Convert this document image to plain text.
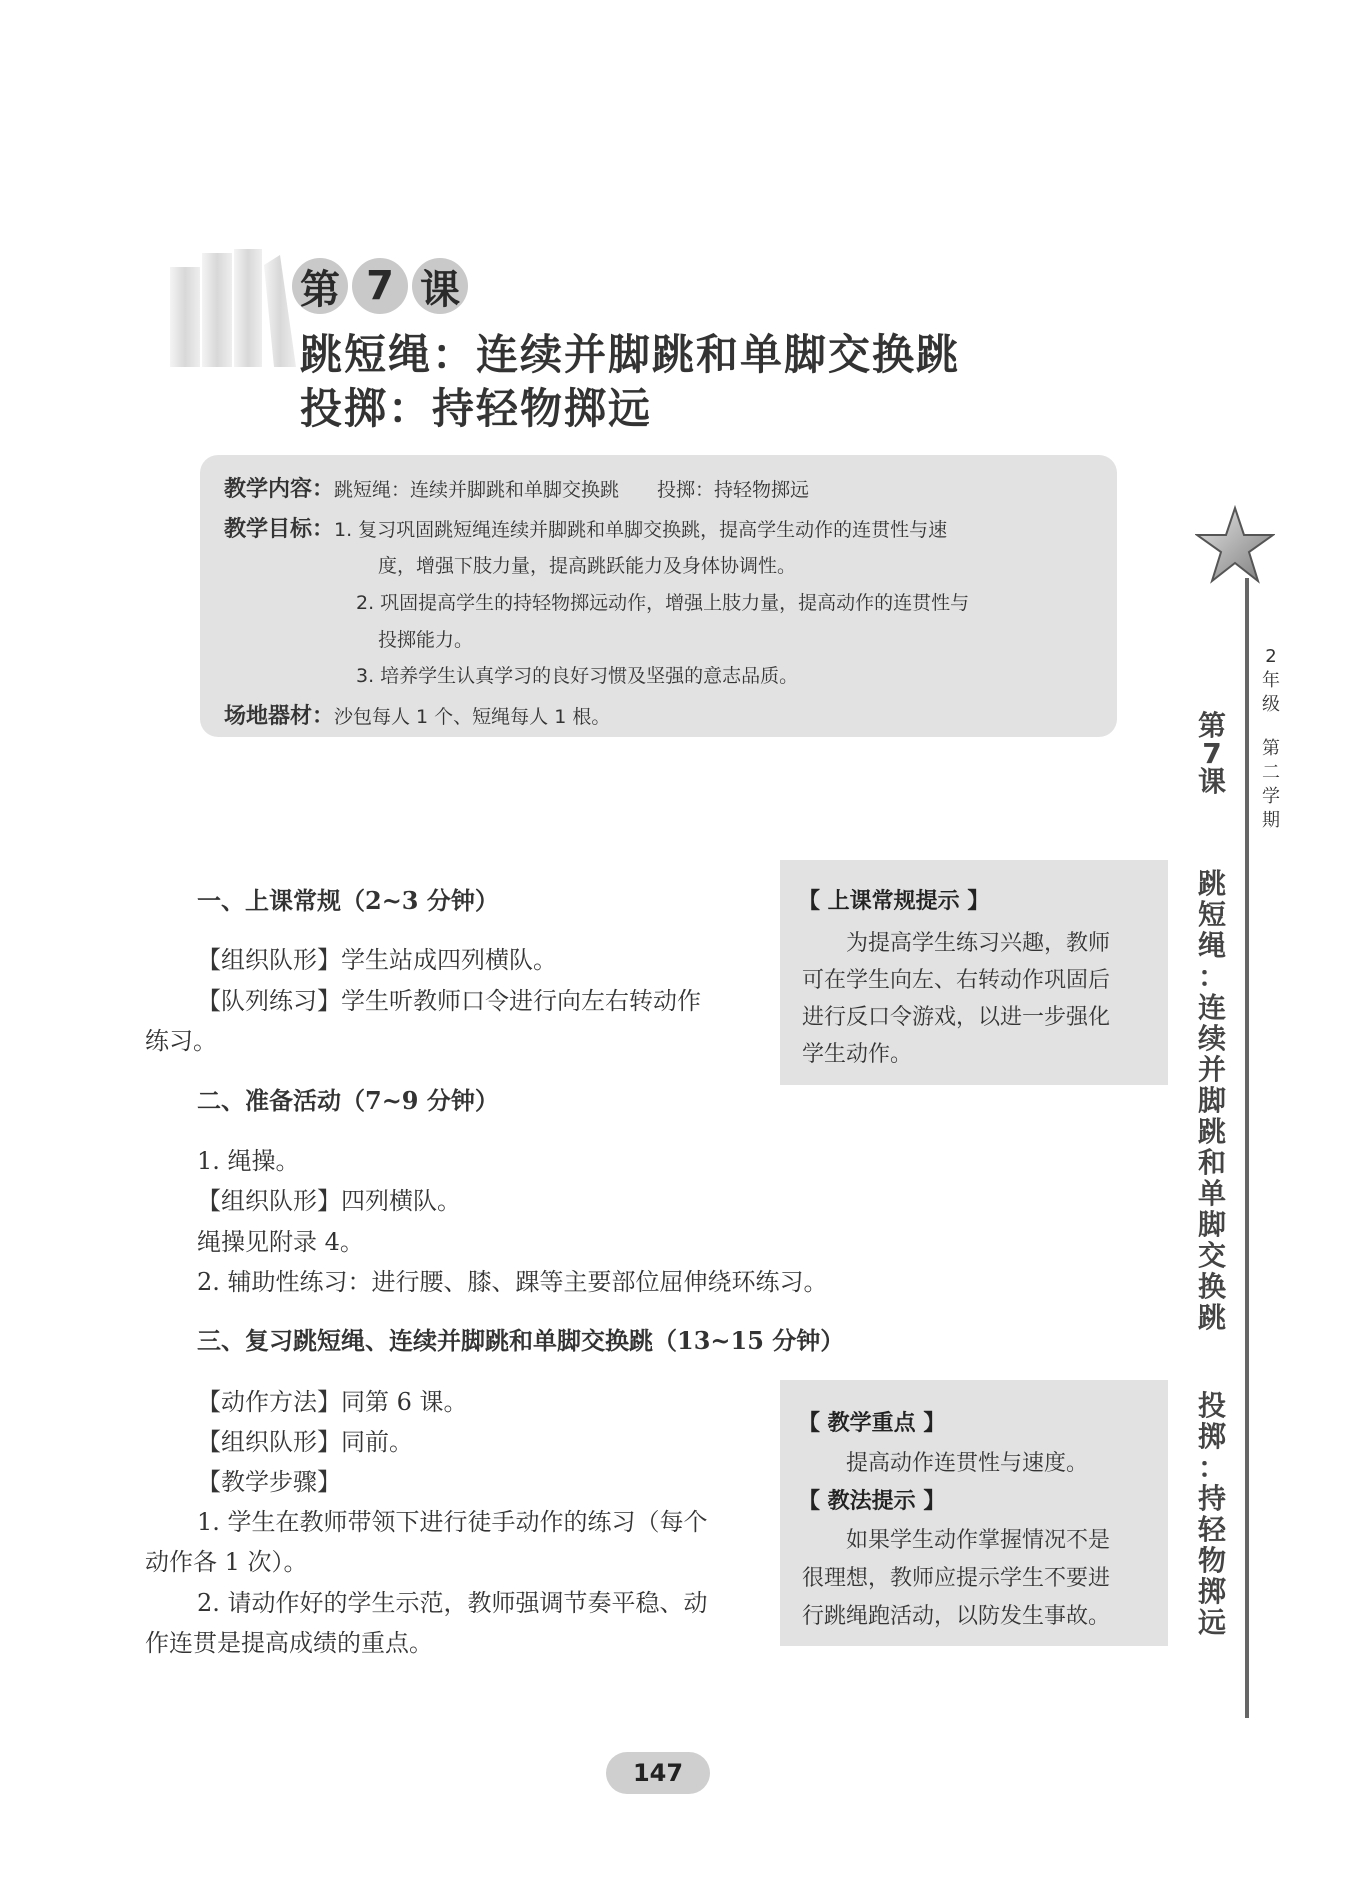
第 7 课
跳短绳：连续并脚跳和单脚交换跳
投掷：持轻物掷远
教学内容：跳短绳：连续并脚跳和单脚交换跳　　投掷：持轻物掷远
教学目标：1. 复习巩固跳短绳连续并脚跳和单脚交换跳，提高学生动作的连贯性与速
度，增强下肢力量，提高跳跃能力及身体协调性。
2. 巩固提高学生的持轻物掷远动作，增强上肢力量，提高动作的连贯性与
投掷能力。
3. 培养学生认真学习的良好习惯及坚强的意志品质。
场地器材：沙包每人 1 个、短绳每人 1 根。
2
年
级
第
二
学
期
第
7
课
跳
短
绳
：
连
续
并
脚
跳
和
单
脚
交
换
跳
投
掷
：
持
轻
物
掷
远
一、上课常规（2~3 分钟）
【组织队形】学生站成四列横队。
【队列练习】学生听教师口令进行向左右转动作
练习。
【 上课常规提示 】
为提高学生练习兴趣，教师
可在学生向左、右转动作巩固后
进行反口令游戏，以进一步强化
学生动作。
二、准备活动（7~9 分钟）
1. 绳操。
【组织队形】四列横队。
绳操见附录 4。
2. 辅助性练习：进行腰、膝、踝等主要部位屈伸绕环练习。
三、复习跳短绳、连续并脚跳和单脚交换跳（13~15 分钟）
【动作方法】同第 6 课。
【组织队形】同前。
【教学步骤】
1. 学生在教师带领下进行徒手动作的练习（每个
动作各 1 次）。
2. 请动作好的学生示范，教师强调节奏平稳、动
作连贯是提高成绩的重点。
【 教学重点 】
提高动作连贯性与速度。
【 教法提示 】
如果学生动作掌握情况不是
很理想，教师应提示学生不要进
行跳绳跑活动，以防发生事故。
147
